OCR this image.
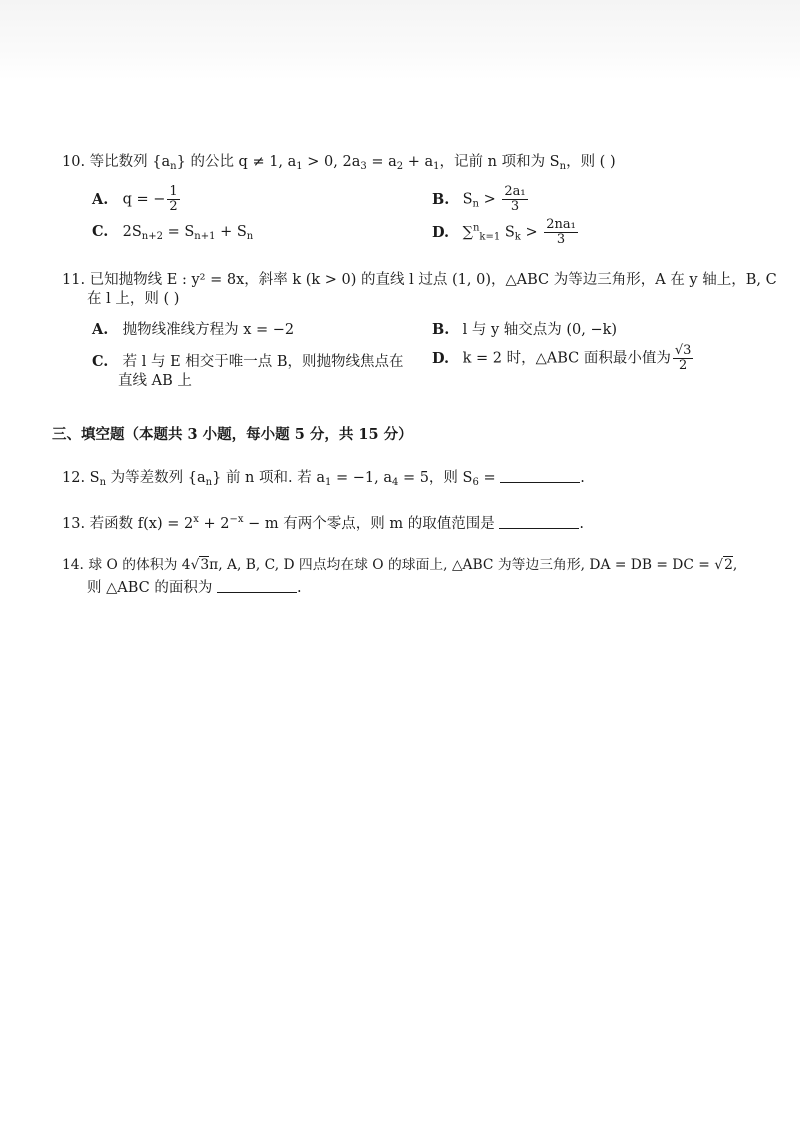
10. 等比数列 $\{a_n\}$ 的公比 q ≠ 1, $a_1 > 0$, $2a_3 = a_2 + a_1$，记前 n 项和为 $S_n$，则 ( )
A. q = − $\frac{1}{2}$	B. $S_n > \frac{\text{2a₁}}{3}$
C. $2S_{n+2} = S_{n+1} + S_n$	D. ∑$^n_{k=1}$ $S_k > \frac{\text{2na₁}}{3}$
11. 已知抛物线 E : y² = 8x，斜率 k (k > 0) 的直线 l 过点 (1, 0)，△ABC 为等边三角形，A 在 y 轴上，B, C
在 l 上，则 ( )
A. 抛物线准线方程为 x = −2	B. l 与 y 轴交点为 (0, −k)
C. 若 l 与 E 相交于唯一点 B，则抛物线焦点在
直线 AB 上
D. k = 2 时，△ABC 面积最小值为 $\frac{√3}{2}$
三、填空题（本题共 3 小题，每小题 5 分，共 15 分）
12. $S_n$ 为等差数列 $\{a_n\}$ 前 n 项和. 若 $a_1 = -1$, $a_4 = 5$，则 $S_6$ =	.
13. 若函数 $f(x) = 2^x + 2^{-x} - m$ 有两个零点，则 m 的取值范围是	.
14. 球 O 的体积为 4√3π, A, B, C, D 四点均在球 O 的球面上, △ABC 为等边三角形, DA = DB = DC = √2,
则 △ABC 的面积为	.
